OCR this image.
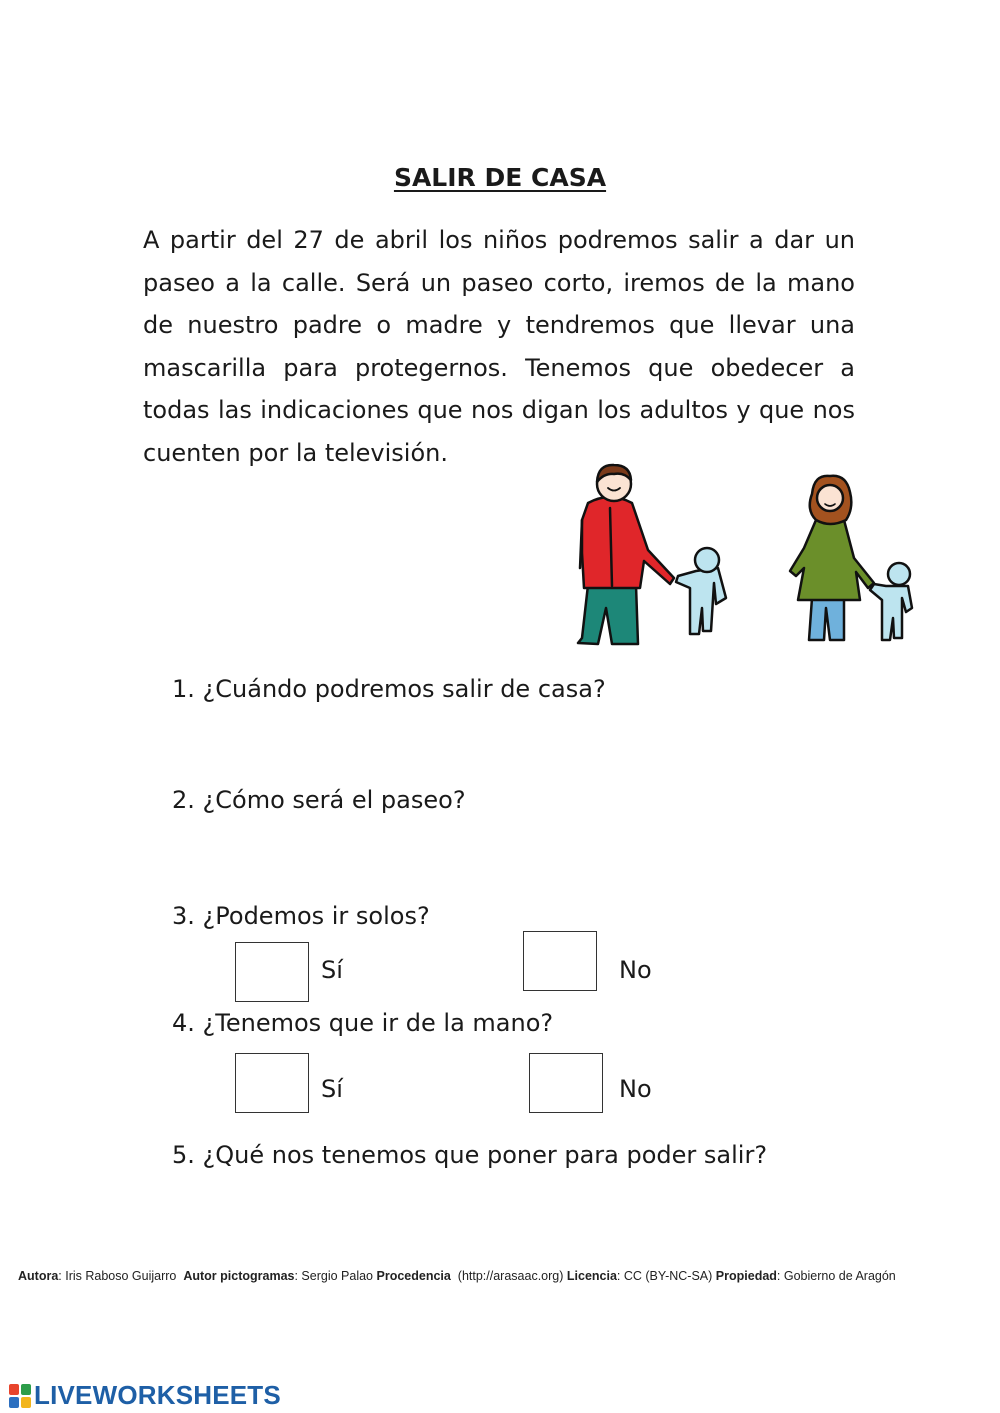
SALIR DE CASA

A partir del 27 de abril los niños podremos salir a dar un paseo a la calle. Será un paseo corto, iremos de la mano de nuestro padre o madre y tendremos que llevar una mascarilla para protegernos. Tenemos que obedecer a todas las indicaciones que nos digan los adultos y que nos cuenten por la televisión.

1. ¿Cuándo podremos salir de casa?
2. ¿Cómo será el paseo?
3. ¿Podemos ir solos?
Sí	No
4. ¿Tenemos que ir de la mano?
Sí	No
5. ¿Qué nos tenemos que poner para poder salir?
Autora: Iris Raboso Guijarro Autor pictogramas: Sergio Palao Procedencia (http://arasaac.org) Licencia: CC (BY-NC-SA) Propiedad: Gobierno de Aragón
LIVEWORKSHEETS
